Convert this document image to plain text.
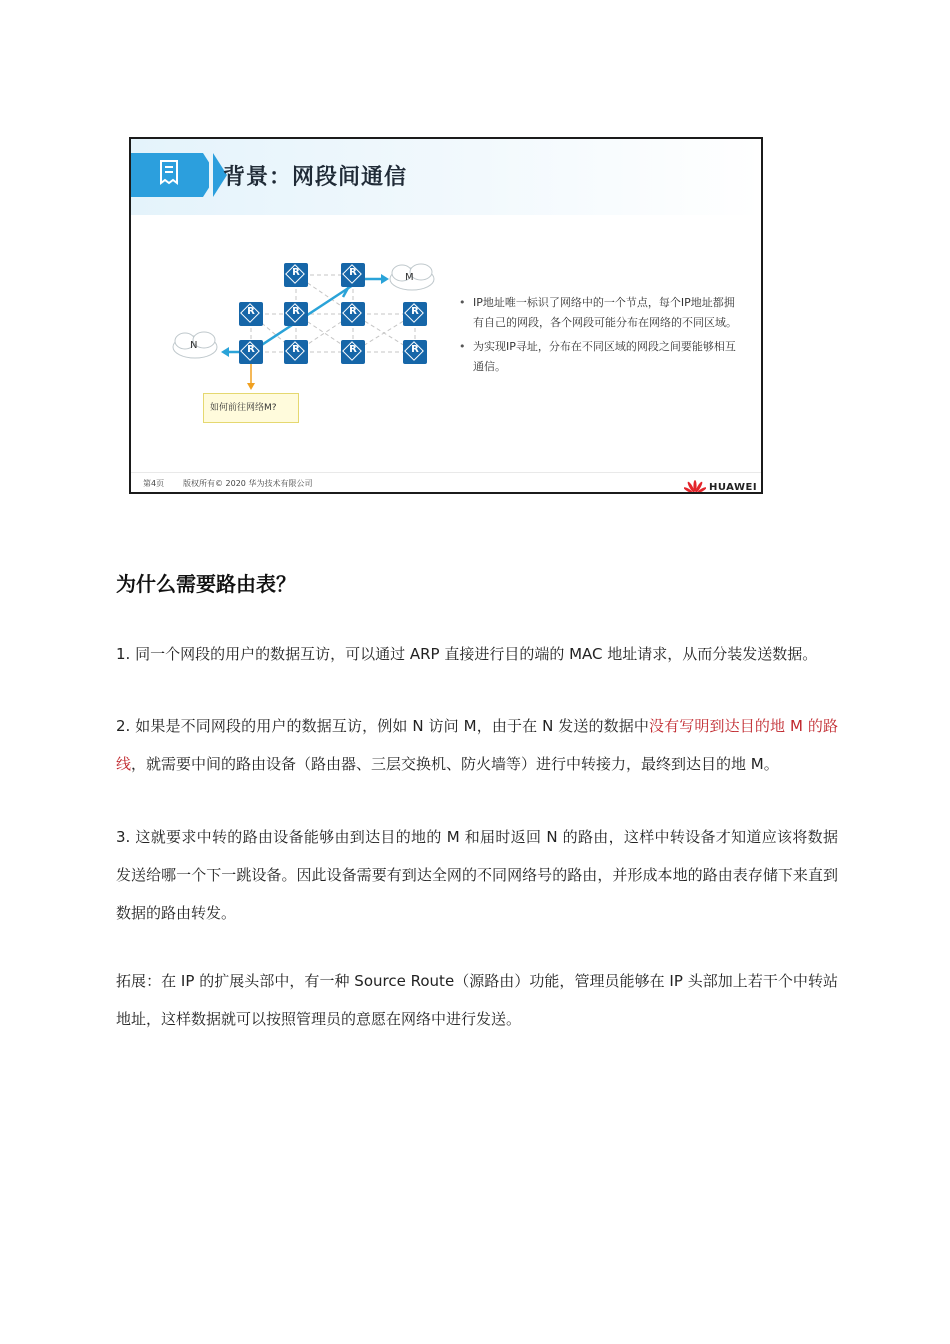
背景：网段间通信
M
N
R	R
R	R	R	R
R	R	R	R
如何前往网络M?
• IP地址唯一标识了网络中的一个节点，每个IP地址都拥有自己的网段，各个网段可能分布在网络的不同区域。
• 为实现IP寻址，分布在不同区域的网段之间要能够相互通信。
第4页 版权所有© 2020 华为技术有限公司	HUAWEI
为什么需要路由表？
1. 同一个网段的用户的数据互访，可以通过 ARP 直接进行目的端的 MAC 地址请求，从而分装发送数据。
2. 如果是不同网段的用户的数据互访，例如 N 访问 M，由于在 N 发送的数据中没有写明到达目的地 M 的路线，就需要中间的路由设备（路由器、三层交换机、防火墙等）进行中转接力，最终到达目的地 M。
3. 这就要求中转的路由设备能够由到达目的地的 M 和届时返回 N 的路由，这样中转设备才知道应该将数据发送给哪一个下一跳设备。因此设备需要有到达全网的不同网络号的路由，并形成本地的路由表存储下来直到数据的路由转发。
拓展：在 IP 的扩展头部中，有一种 Source Route（源路由）功能，管理员能够在 IP 头部加上若干个中转站地址，这样数据就可以按照管理员的意愿在网络中进行发送。
